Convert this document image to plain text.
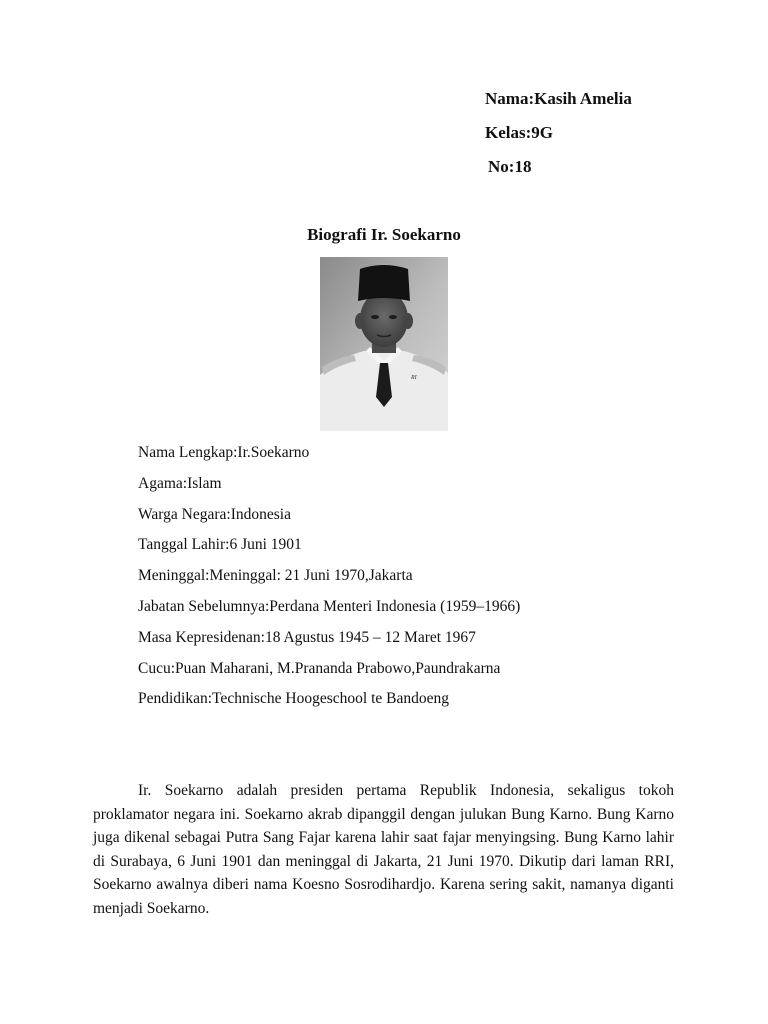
Nama:Kasih Amelia
Kelas:9G
No:18
Biografi Ir. Soekarno
RI
Nama Lengkap:Ir.Soekarno
Agama:Islam
Warga Negara:Indonesia
Tanggal Lahir:6 Juni 1901
Meninggal:Meninggal: 21 Juni 1970,Jakarta
Jabatan Sebelumnya:Perdana Menteri Indonesia (1959–1966)
Masa Kepresidenan:18 Agustus 1945 – 12 Maret 1967
Cucu:Puan Maharani, M.Prananda Prabowo,Paundrakarna
Pendidikan:Technische Hoogeschool te Bandoeng

Ir. Soekarno adalah presiden pertama Republik Indonesia, sekaligus tokoh proklamator negara ini. Soekarno akrab dipanggil dengan julukan Bung Karno. Bung Karno juga dikenal sebagai Putra Sang Fajar karena lahir saat fajar menyingsing. Bung Karno lahir di Surabaya, 6 Juni 1901 dan meninggal di Jakarta, 21 Juni 1970. Dikutip dari laman RRI, Soekarno awalnya diberi nama Koesno Sosrodihardjo. Karena sering sakit, namanya diganti menjadi Soekarno.
